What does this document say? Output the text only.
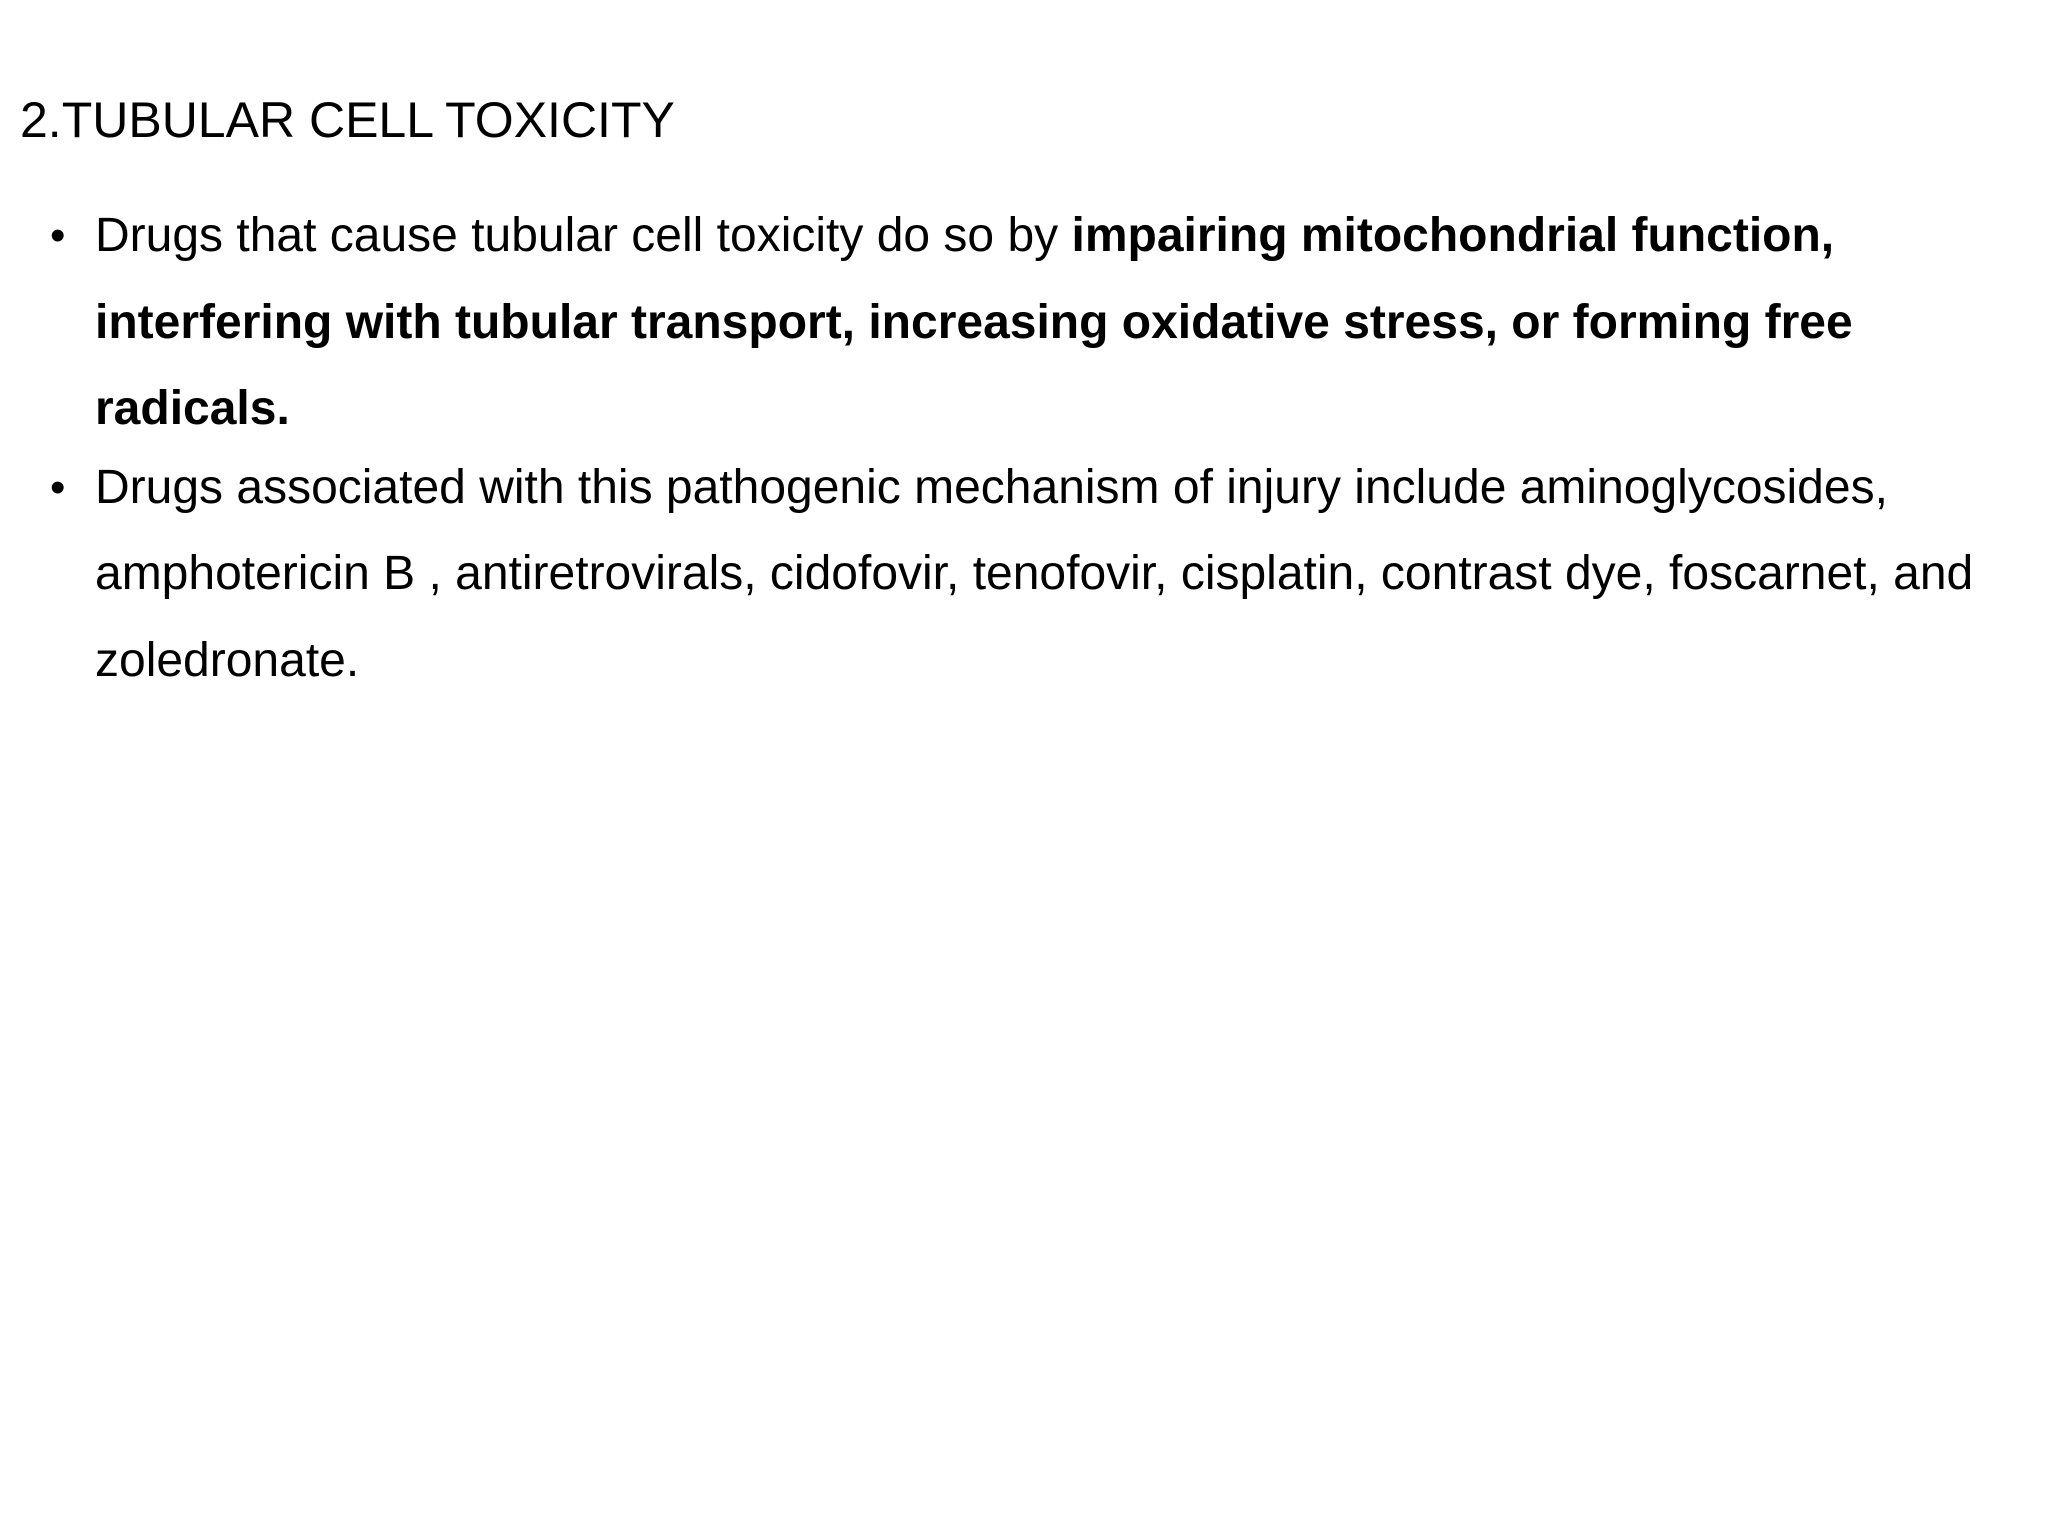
2.TUBULAR CELL TOXICITY
• Drugs that cause tubular cell toxicity do so by impairing mitochondrial function, interfering with tubular transport, increasing oxidative stress, or forming free radicals.
• Drugs associated with this pathogenic mechanism of injury include aminoglycosides, amphotericin B , antiretrovirals, cidofovir, tenofovir, cisplatin, contrast dye, foscarnet, and zoledronate.
